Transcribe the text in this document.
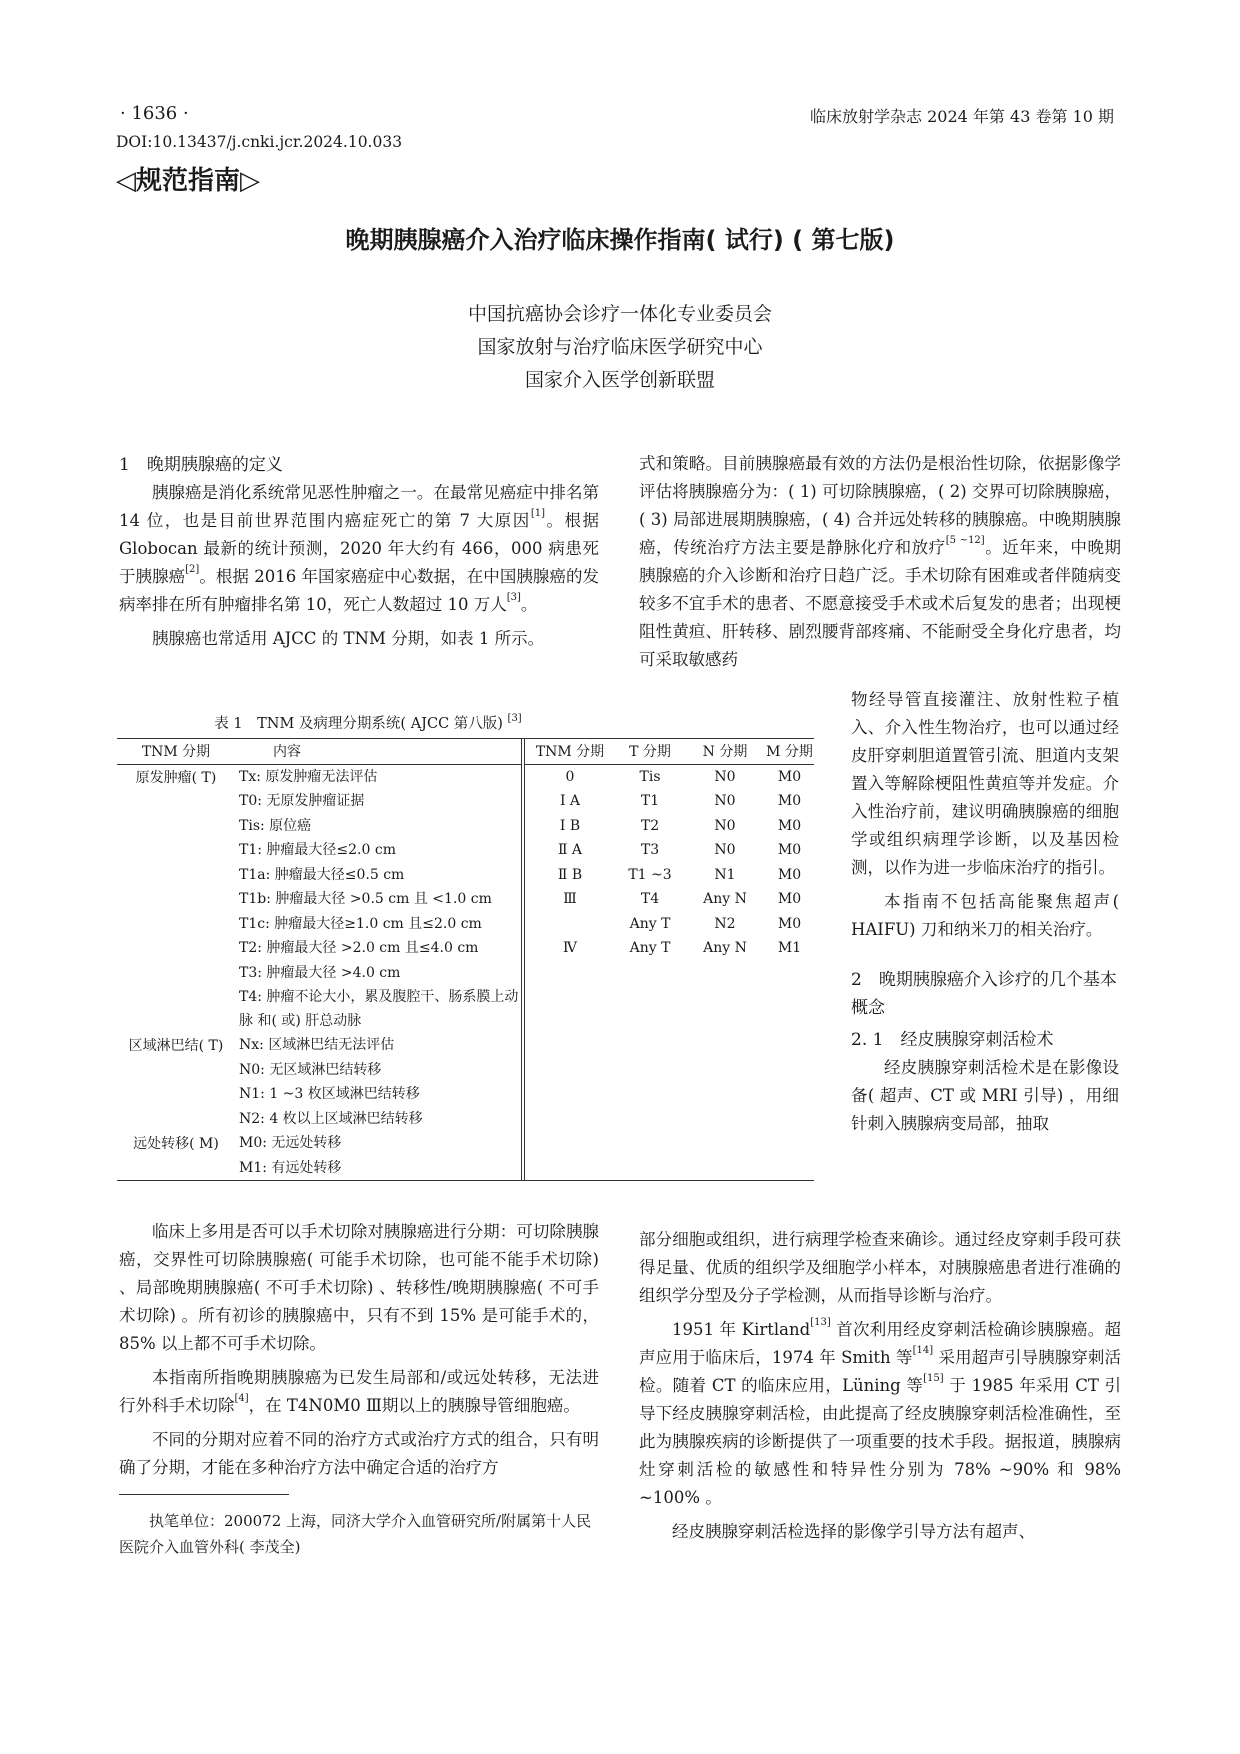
· 1636 ·	临床放射学杂志 2024 年第 43 卷第 10 期
DOI:10.13437/j.cnki.jcr.2024.10.033
◁规范指南▷
晚期胰腺癌介入治疗临床操作指南( 试行) ( 第七版)
中国抗癌协会诊疗一体化专业委员会
国家放射与治疗临床医学研究中心
国家介入医学创新联盟
1　晚期胰腺癌的定义

胰腺癌是消化系统常见恶性肿瘤之一。在最常见癌症中排名第 14 位，也是目前世界范围内癌症死亡的第 7 大原因[1]。根据 Globocan 最新的统计预测，2020 年大约有 466，000 病患死于胰腺癌[2]。根据 2016 年国家癌症中心数据，在中国胰腺癌的发病率排在所有肿瘤排名第 10，死亡人数超过 10 万人[3]。

胰腺癌也常适用 AJCC 的 TNM 分期，如表 1 所示。

表 1　TNM 及病理分期系统( AJCC 第八版) [3]
TNM 分期	内容	TNM 分期	T 分期	N 分期	M 分期
原发肿瘤( T)	Tx: 原发肿瘤无法评估	0	Tis	N0	M0
	T0: 无原发肿瘤证据	Ⅰ A	T1	N0	M0
	Tis: 原位癌	Ⅰ B	T2	N0	M0
	T1: 肿瘤最大径≤2.0 cm	Ⅱ A	T3	N0	M0
	T1a: 肿瘤最大径≤0.5 cm	Ⅱ B	T1 ~3	N1	M0
	T1b: 肿瘤最大径 >0.5 cm 且 <1.0 cm	Ⅲ	T4	Any N	M0
	T1c: 肿瘤最大径≥1.0 cm 且≤2.0 cm		Any T	N2	M0
	T2: 肿瘤最大径 >2.0 cm 且≤4.0 cm	Ⅳ	Any T	Any N	M1
	T3: 肿瘤最大径 >4.0 cm				
	T4: 肿瘤不论大小，累及腹腔干、肠系膜上动脉 和( 或) 肝总动脉				
区域淋巴结( T)	Nx: 区域淋巴结无法评估				
	N0: 无区域淋巴结转移				
	N1: 1 ~3 枚区域淋巴结转移				
	N2: 4 枚以上区域淋巴结转移				
远处转移( M)	M0: 无远处转移				
	M1: 有远处转移				

临床上多用是否可以手术切除对胰腺癌进行分期：可切除胰腺癌，交界性可切除胰腺癌( 可能手术切除，也可能不能手术切除) 、局部晚期胰腺癌( 不可手术切除) 、转移性/晚期胰腺癌( 不可手术切除) 。所有初诊的胰腺癌中，只有不到 15% 是可能手术的，85% 以上都不可手术切除。

本指南所指晚期胰腺癌为已发生局部和/或远处转移，无法进行外科手术切除[4]，在 T4N0M0 Ⅲ期以上的胰腺导管细胞癌。

不同的分期对应着不同的治疗方式或治疗方式的组合，只有明确了分期，才能在多种治疗方法中确定合适的治疗方

执笔单位：200072 上海，同济大学介入血管研究所/附属第十人民医院介入血管外科( 李茂全)

式和策略。目前胰腺癌最有效的方法仍是根治性切除，依据影像学评估将胰腺癌分为：( 1) 可切除胰腺癌，( 2) 交界可切除胰腺癌，( 3) 局部进展期胰腺癌，( 4) 合并远处转移的胰腺癌。中晚期胰腺癌，传统治疗方法主要是静脉化疗和放疗[5 ~12]。近年来，中晚期胰腺癌的介入诊断和治疗日趋广泛。手术切除有困难或者伴随病变较多不宜手术的患者、不愿意接受手术或术后复发的患者；出现梗阻性黄疸、肝转移、剧烈腰背部疼痛、不能耐受全身化疗患者，均可采取敏感药

物经导管直接灌注、放射性粒子植入、介入性生物治疗，也可以通过经皮肝穿刺胆道置管引流、胆道内支架置入等解除梗阻性黄疸等并发症。介入性治疗前，建议明确胰腺癌的细胞学或组织病理学诊断，以及基因检测，以作为进一步临床治疗的指引。

本指南不包括高能聚焦超声( HAIFU) 刀和纳米刀的相关治疗。

2　晚期胰腺癌介入诊疗的几个基本概念
2. 1　经皮胰腺穿刺活检术

经皮胰腺穿刺活检术是在影像设备( 超声、CT 或 MRI 引导) ，用细针刺入胰腺病变局部，抽取

部分细胞或组织，进行病理学检查来确诊。通过经皮穿刺手段可获得足量、优质的组织学及细胞学小样本，对胰腺癌患者进行准确的组织学分型及分子学检测，从而指导诊断与治疗。

1951 年 Kirtland[13] 首次利用经皮穿刺活检确诊胰腺癌。超声应用于临床后，1974 年 Smith 等[14] 采用超声引导胰腺穿刺活检。随着 CT 的临床应用，Lüning 等[15] 于 1985 年采用 CT 引导下经皮胰腺穿刺活检，由此提高了经皮胰腺穿刺活检准确性，至此为胰腺疾病的诊断提供了一项重要的技术手段。据报道，胰腺病灶穿刺活检的敏感性和特异性分别为 78% ~90% 和 98% ~100% 。

经皮胰腺穿刺活检选择的影像学引导方法有超声、
